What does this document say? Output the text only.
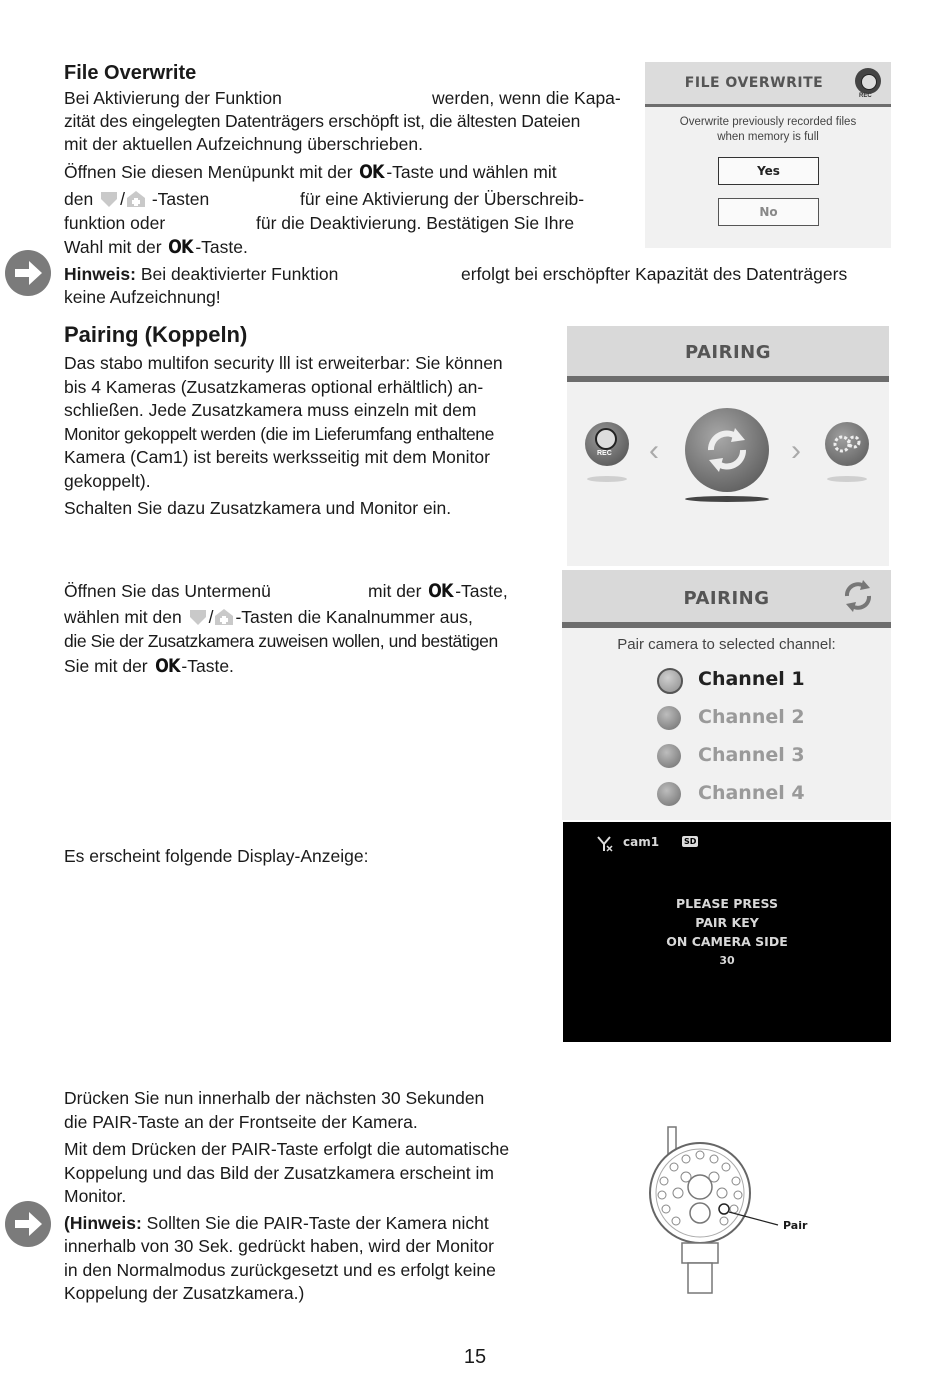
File Overwrite
Bei Aktivierung der Funktion	werden, wenn die Kapa-
zität des eingelegten Datenträgers erschöpft ist, die ältesten Dateien
mit der aktuellen Aufzeichnung überschrieben.
Öffnen Sie diesen Menüpunkt mit der OK -Taste und wählen mit
den / -Tasten	für eine Aktivierung der Überschreib-
funktion oder	für die Deaktivierung. Bestätigen Sie Ihre
Wahl mit der OK -Taste.
Hinweis: Bei deaktivierter Funktion	erfolgt bei erschöpfter Kapazität des Datenträgers
keine Aufzeichnung!
FILE OVERWRITE
REC
Overwrite previously recorded files
when memory is full
Yes
No
Pairing (Koppeln)
Das stabo multifon security lll ist erweiterbar: Sie können
bis 4 Kameras (Zusatzkameras optional erhältlich) an-
schließen. Jede Zusatzkamera muss einzeln mit dem
Monitor gekoppelt werden (die im Lieferumfang enthaltene
Kamera (Cam1) ist bereits werksseitig mit dem Monitor
gekoppelt).
Schalten Sie dazu Zusatzkamera und Monitor ein.
PAIRING
REC ‹	›
Öffnen Sie das Untermenü	mit der OK -Taste,
wählen mit den / -Tasten die Kanalnummer aus,
die Sie der Zusatzkamera zuweisen wollen, und bestätigen
Sie mit der OK -Taste.
PAIRING
Pair camera to selected channel:
Channel 1
Channel 2
Channel 3
Channel 4
Es erscheint folgende Display-Anzeige:
cam1	SD
PLEASE PRESS
PAIR KEY
ON CAMERA SIDE
30
Drücken Sie nun innerhalb der nächsten 30 Sekunden
die PAIR-Taste an der Frontseite der Kamera.
Mit dem Drücken der PAIR-Taste erfolgt die automatische
Koppelung und das Bild der Zusatzkamera erscheint im
Monitor.
(Hinweis: Sollten Sie die PAIR-Taste der Kamera nicht
innerhalb von 30 Sek. gedrückt haben, wird der Monitor
in den Normalmodus zurückgesetzt und es erfolgt keine
Koppelung der Zusatzkamera.)
Pair
15
